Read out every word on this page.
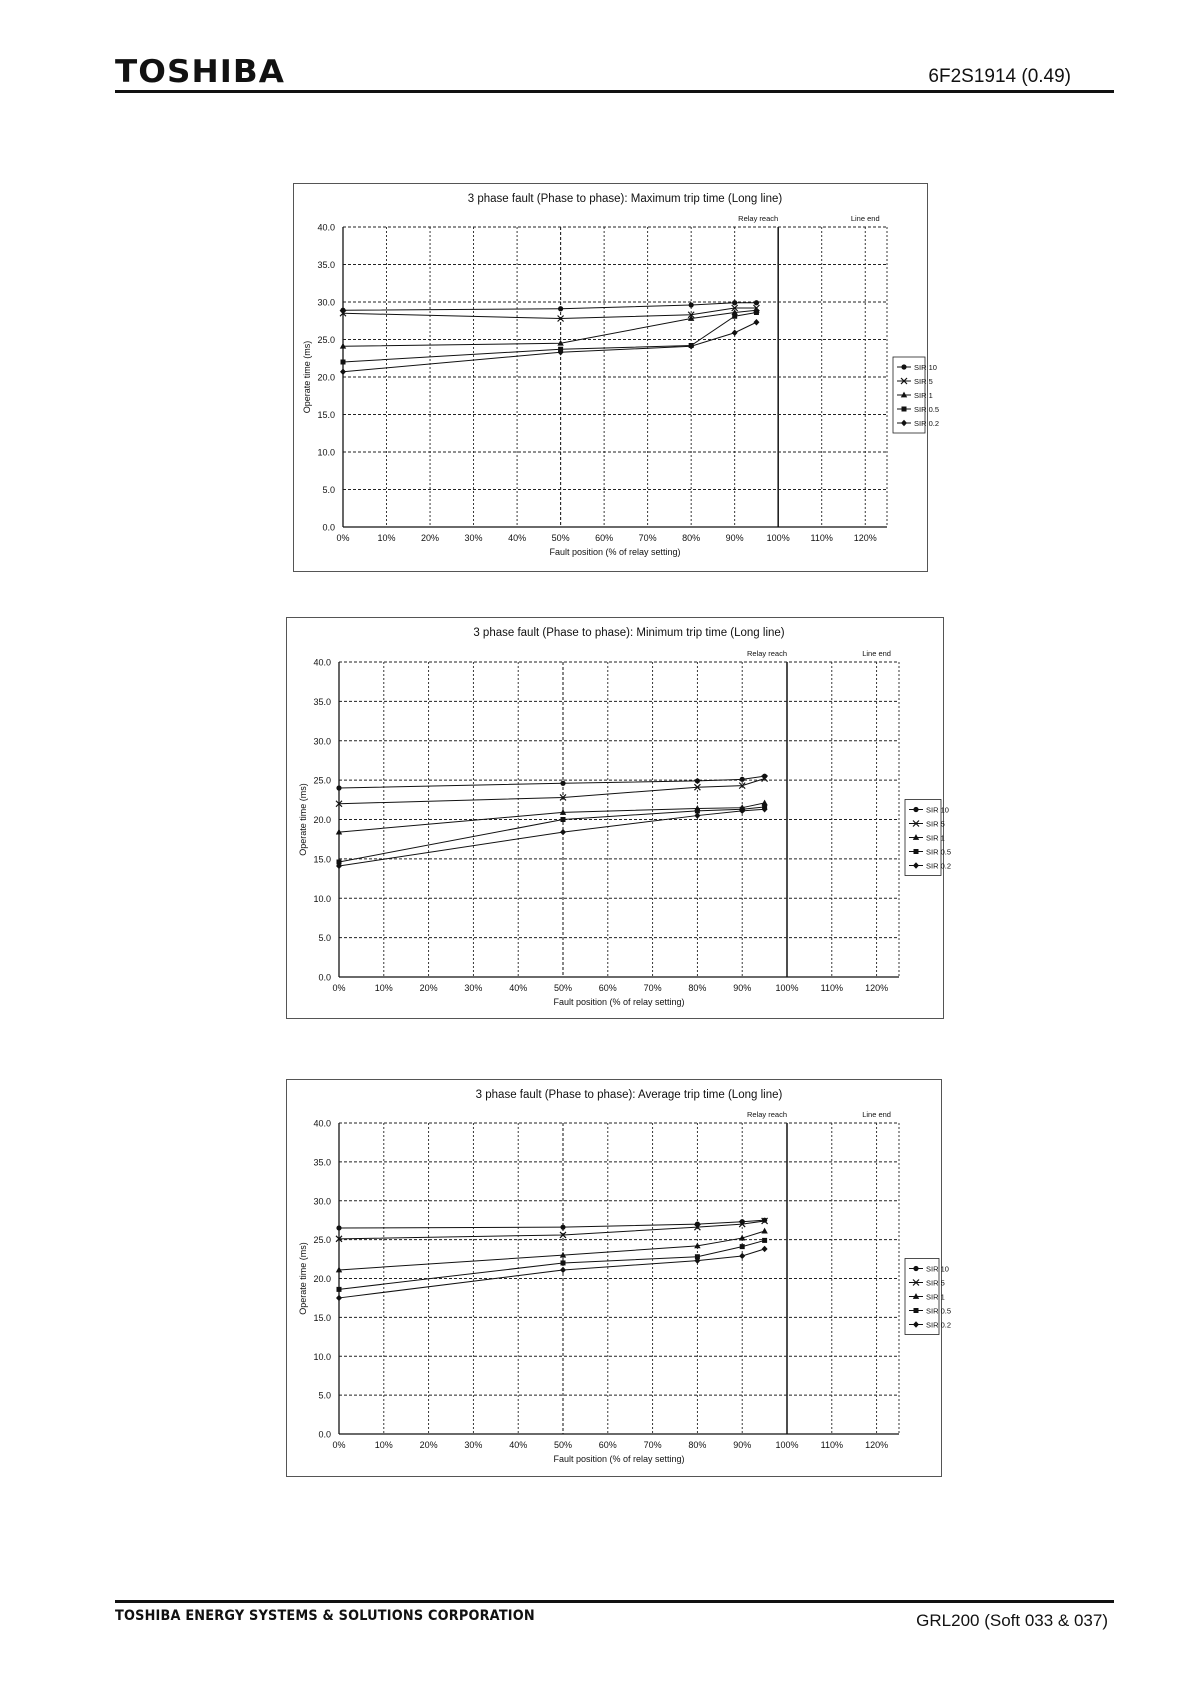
TOSHIBA	6F2S1914 (0.49)
3 phase fault (Phase to phase): Maximum trip time (Long line)
0%	10%	20%	30%	40%	50%	60%	70%	80%	90%	100% 110% 120%
0.0
5.0
10.0
15.0
20.0
25.0
30.0
35.0
40.0
Fault position (% of relay setting)
Operate time (ms)
Relay reach	Line end
SIR 10
SIR 5
SIR 1
SIR 0.5
SIR 0.2
3 phase fault (Phase to phase): Minimum trip time (Long line)
0%	10%	20%	30%	40%	50%	60%	70%	80%	90%	100% 110% 120%
0.0
5.0
10.0
15.0
20.0
25.0
30.0
35.0
40.0
Fault position (% of relay setting)
Operate time (ms)
Relay reach	Line end
SIR 10
SIR 5
SIR 1
SIR 0.5
SIR 0.2
3 phase fault (Phase to phase): Average trip time (Long line)
0%	10%	20%	30%	40%	50%	60%	70%	80%	90%	100% 110% 120%
0.0
5.0
10.0
15.0
20.0
25.0
30.0
35.0
40.0
Fault position (% of relay setting)
Operate time (ms)
Relay reach	Line end
SIR 10
SIR 5
SIR 1
SIR 0.5
SIR 0.2
TOSHIBA ENERGY SYSTEMS & SOLUTIONS CORPORATION	GRL200 (Soft 033 & 037)
